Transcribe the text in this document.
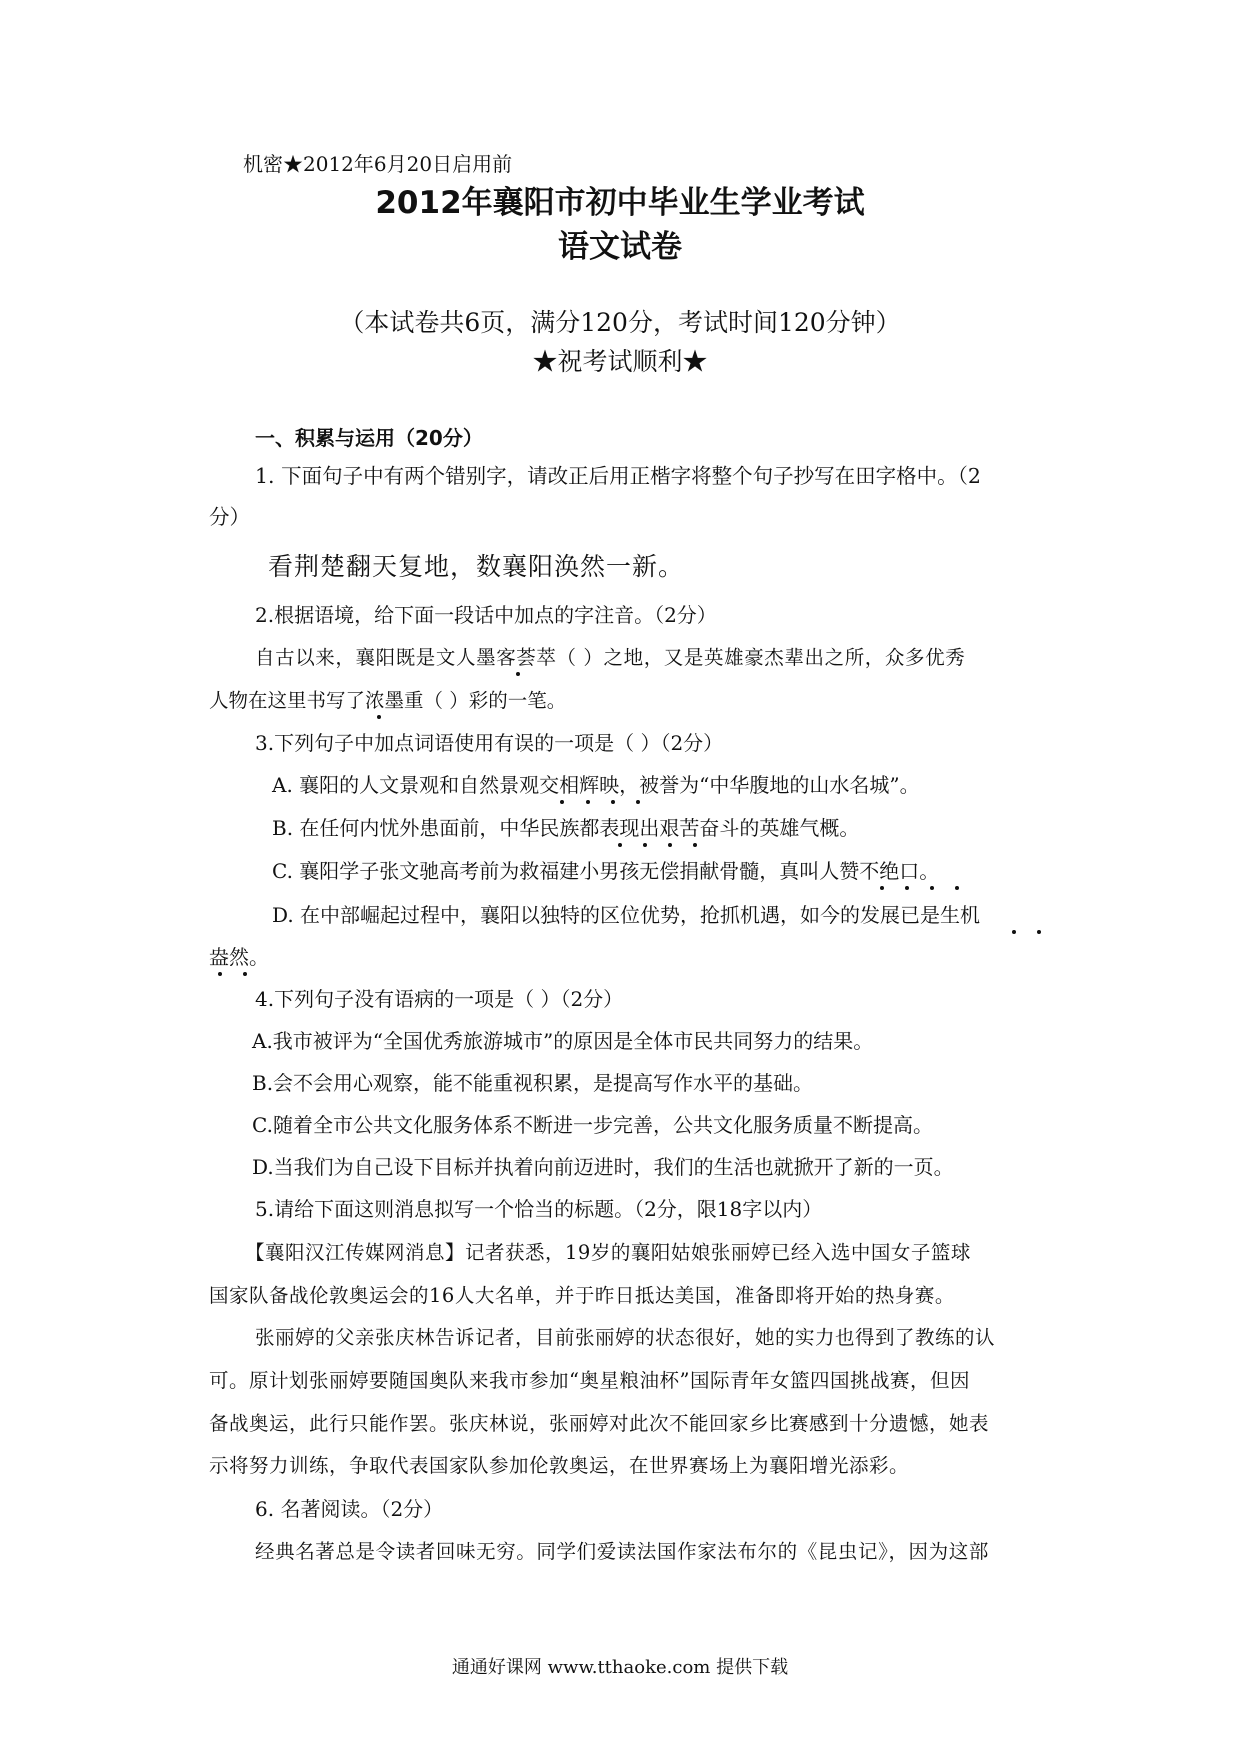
机密★2012年6月20日启用前
2012年襄阳市初中毕业生学业考试
语文试卷
（本试卷共6页，满分120分，考试时间120分钟）
★祝考试顺利★
一、积累与运用（20分）
1. 下面句子中有两个错别字，请改正后用正楷字将整个句子抄写在田字格中。（2
分）
看荆楚翻天复地，数襄阳涣然一新。
2.根据语境，给下面一段话中加点的字注音。（2分）
自古以来，襄阳既是文人墨客荟萃（ ）之地，又是英雄豪杰辈出之所，众多优秀
人物在这里书写了浓墨重（ ）彩的一笔。
3.下列句子中加点词语使用有误的一项是（ ）（2分）
A. 襄阳的人文景观和自然景观交相辉映，被誉为“中华腹地的山水名城”。
B. 在任何内忧外患面前，中华民族都表现出艰苦奋斗的英雄气概。
C. 襄阳学子张文驰高考前为救福建小男孩无偿捐献骨髓，真叫人赞不绝口。
D. 在中部崛起过程中，襄阳以独特的区位优势，抢抓机遇，如今的发展已是生机
盎然。
4.下列句子没有语病的一项是（ ）（2分）
A.我市被评为“全国优秀旅游城市”的原因是全体市民共同努力的结果。
B.会不会用心观察，能不能重视积累，是提高写作水平的基础。
C.随着全市公共文化服务体系不断进一步完善，公共文化服务质量不断提高。
D.当我们为自己设下目标并执着向前迈进时，我们的生活也就掀开了新的一页。
5.请给下面这则消息拟写一个恰当的标题。（2分，限18字以内）
【襄阳汉江传媒网消息】记者获悉，19岁的襄阳姑娘张丽婷已经入选中国女子篮球
国家队备战伦敦奥运会的16人大名单，并于昨日抵达美国，准备即将开始的热身赛。
张丽婷的父亲张庆林告诉记者，目前张丽婷的状态很好，她的实力也得到了教练的认
可。原计划张丽婷要随国奥队来我市参加“奥星粮油杯”国际青年女篮四国挑战赛，但因
备战奥运，此行只能作罢。张庆林说，张丽婷对此次不能回家乡比赛感到十分遗憾，她表
示将努力训练，争取代表国家队参加伦敦奥运，在世界赛场上为襄阳增光添彩。
6. 名著阅读。（2分）
经典名著总是令读者回味无穷。同学们爱读法国作家法布尔的《昆虫记》，因为这部
通通好课网 www.tthaoke.com 提供下载
